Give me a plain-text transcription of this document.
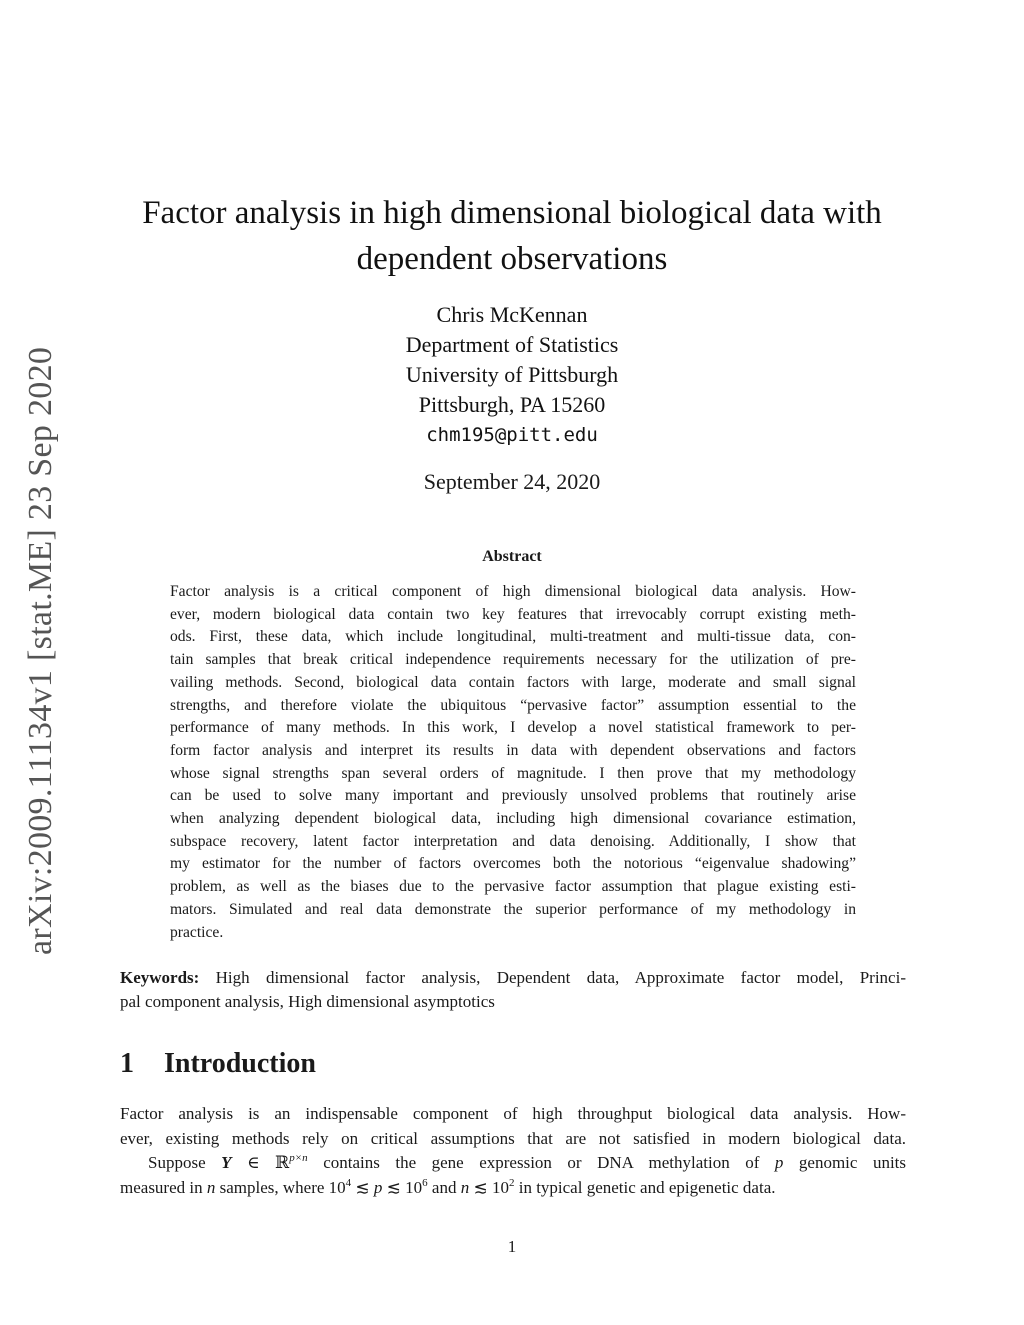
arXiv:2009.11134v1 [stat.ME] 23 Sep 2020
Factor analysis in high dimensional biological data with
dependent observations
Chris McKennan
Department of Statistics
University of Pittsburgh
Pittsburgh, PA 15260
chm195@pitt.edu
September 24, 2020
Abstract
Factor analysis is a critical component of high dimensional biological data analysis. How-
ever, modern biological data contain two key features that irrevocably corrupt existing meth-
ods. First, these data, which include longitudinal, multi-treatment and multi-tissue data, con-
tain samples that break critical independence requirements necessary for the utilization of pre-
vailing methods. Second, biological data contain factors with large, moderate and small signal
strengths, and therefore violate the ubiquitous “pervasive factor” assumption essential to the
performance of many methods. In this work, I develop a novel statistical framework to per-
form factor analysis and interpret its results in data with dependent observations and factors
whose signal strengths span several orders of magnitude. I then prove that my methodology
can be used to solve many important and previously unsolved problems that routinely arise
when analyzing dependent biological data, including high dimensional covariance estimation,
subspace recovery, latent factor interpretation and data denoising. Additionally, I show that
my estimator for the number of factors overcomes both the notorious “eigenvalue shadowing”
problem, as well as the biases due to the pervasive factor assumption that plague existing esti-
mators. Simulated and real data demonstrate the superior performance of my methodology in
practice.
Keywords: High dimensional factor analysis, Dependent data, Approximate factor model, Princi-
pal component analysis, High dimensional asymptotics
1 Introduction
Factor analysis is an indispensable component of high throughput biological data analysis. How-
ever, existing methods rely on critical assumptions that are not satisfied in modern biological data.
Suppose Y ∈ ℝ$^{p\times n}$ contains the gene expression or DNA methylation of p genomic units
measured in n samples, where $10^4$ ≲ p ≲ $10^6$ and n ≲ $10^2$ in typical genetic and epigenetic data.
1
